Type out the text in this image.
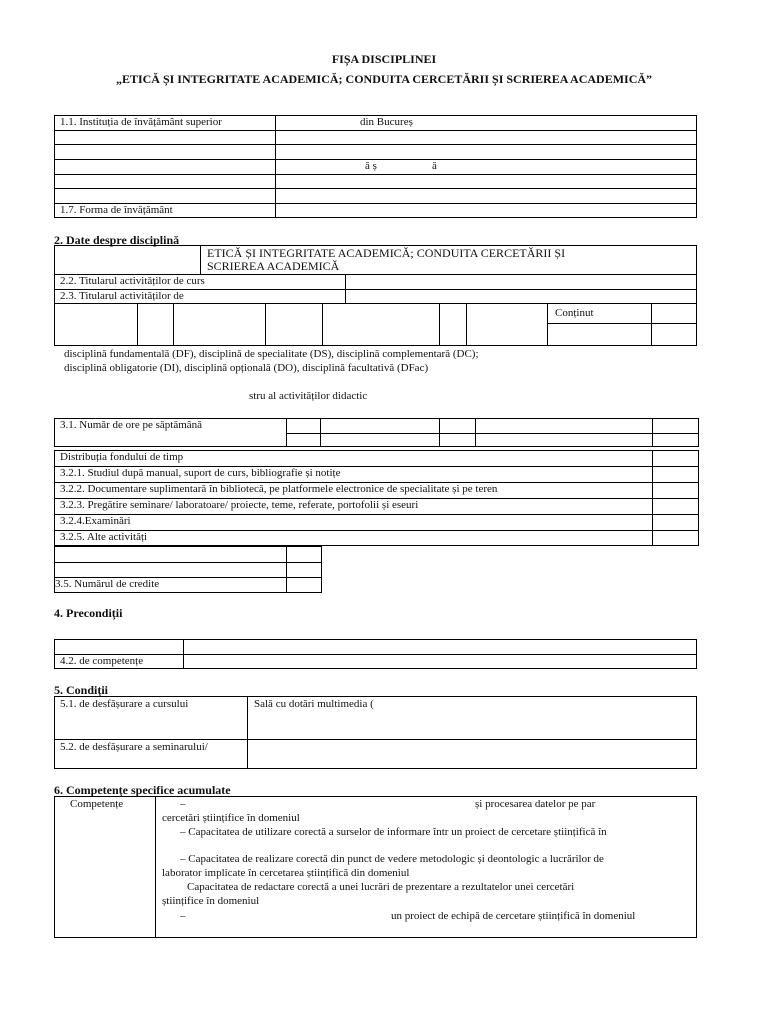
FIȘA DISCIPLINEI
„ETICĂ ȘI INTEGRITATE ACADEMICĂ; CONDUITA CERCETĂRII ȘI SCRIEREA ACADEMICĂ”
1.1. Instituția de învățământ superior	din Bucureș
ă ș	ă
1.7. Forma de învățământ
2. Date despre disciplină
ETICĂ ȘI INTEGRITATE ACADEMICĂ; CONDUITA CERCETĂRII ȘI
SCRIEREA ACADEMICĂ
2.2. Titularul activităților de curs
2.3. Titularul activităților de
Conținut
disciplină fundamentală (DF), disciplină de specialitate (DS), disciplină complementară (DC);
disciplină obligatorie (DI), disciplină opțională (DO), disciplină facultativă (DFac)
stru al activităților didactic
3.1. Număr de ore pe săptămână
Distribuția fondului de timp
3.2.1. Studiul după manual, suport de curs, bibliografie și notițe
3.2.2. Documentare suplimentară în bibliotecă, pe platformele electronice de specialitate și pe teren
3.2.3. Pregătire seminare/ laboratoare/ proiecte, teme, referate, portofolii și eseuri
3.2.4.Examinări
3.2.5. Alte activități
3.5. Numărul de credite
4. Precondiții
4.2. de competențe
5. Condiții
5.1. de desfășurare a cursului	Sală cu dotări multimedia (
5.2. de desfășurare a seminarului/
6. Competențe specifice acumulate
Competențe	–	și procesarea datelor pe par
cercetări științifice în domeniul
– Capacitatea de utilizare corectă a surselor de informare într un proiect de cercetare științifică în
– Capacitatea de realizare corectă din punct de vedere metodologic și deontologic a lucrărilor de
laborator implicate în cercetarea științifică din domeniul
Capacitatea de redactare corectă a unei lucrări de prezentare a rezultatelor unei cercetări
științifice în domeniul
–	un proiect de echipă de cercetare științifică în domeniul
